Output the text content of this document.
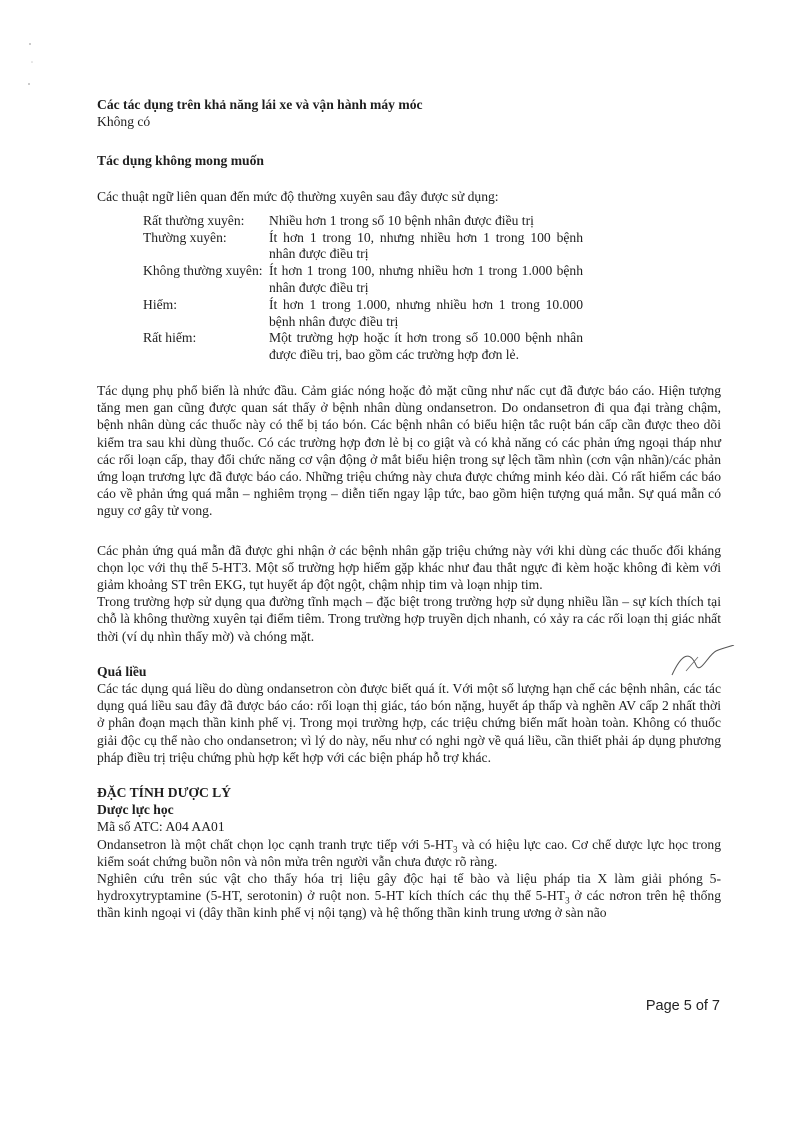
Các tác dụng trên khả năng lái xe và vận hành máy móc

Không có

Tác dụng không mong muốn

Các thuật ngữ liên quan đến mức độ thường xuyên sau đây được sử dụng:

Rất thường xuyên:	Nhiều hơn 1 trong số 10 bệnh nhân được điều trị
Thường xuyên:	Ít hơn 1 trong 10, nhưng nhiều hơn 1 trong 100 bệnh nhân được điều trị
Không thường xuyên:	Ít hơn 1 trong 100, nhưng nhiều hơn 1 trong 1.000 bệnh nhân được điều trị
Hiếm:	Ít hơn 1 trong 1.000, nhưng nhiều hơn 1 trong 10.000 bệnh nhân được điều trị
Rất hiếm:	Một trường hợp hoặc ít hơn trong số 10.000 bệnh nhân được điều trị, bao gồm các trường hợp đơn lẻ.

Tác dụng phụ phổ biến là nhức đầu. Cảm giác nóng hoặc đỏ mặt cũng như nấc cụt đã được báo cáo. Hiện tượng tăng men gan cũng được quan sát thấy ở bệnh nhân dùng ondansetron. Do ondansetron đi qua đại tràng chậm, bệnh nhân dùng các thuốc này có thể bị táo bón. Các bệnh nhân có biểu hiện tắc ruột bán cấp cần được theo dõi kiểm tra sau khi dùng thuốc. Có các trường hợp đơn lẻ bị co giật và có khả năng có các phản ứng ngoại tháp như các rối loạn cấp, thay đổi chức năng cơ vận động ở mắt biểu hiện trong sự lệch tầm nhìn (cơn vận nhãn)/các phản ứng loạn trương lực đã được báo cáo. Những triệu chứng này chưa được chứng minh kéo dài. Có rất hiếm các báo cáo về phản ứng quá mẫn – nghiêm trọng – diễn tiến ngay lập tức, bao gồm hiện tượng quá mẫn. Sự quá mẫn có nguy cơ gây tử vong.

Các phản ứng quá mẫn đã được ghi nhận ở các bệnh nhân gặp triệu chứng này với khi dùng các thuốc đối kháng chọn lọc với thụ thể 5-HT3. Một số trường hợp hiếm gặp khác như đau thắt ngực đi kèm hoặc không đi kèm với giảm khoảng ST trên EKG, tụt huyết áp đột ngột, chậm nhịp tim và loạn nhịp tim.

Trong trường hợp sử dụng qua đường tĩnh mạch – đặc biệt trong trường hợp sử dụng nhiều lần – sự kích thích tại chỗ là không thường xuyên tại điểm tiêm. Trong trường hợp truyền dịch nhanh, có xảy ra các rối loạn thị giác nhất thời (ví dụ nhìn thấy mờ) và chóng mặt.

Quá liều

Các tác dụng quá liều do dùng ondansetron còn được biết quá ít. Với một số lượng hạn chế các bệnh nhân, các tác dụng quá liều sau đây đã được báo cáo: rối loạn thị giác, táo bón nặng, huyết áp thấp và nghẽn AV cấp 2 nhất thời ở phân đoạn mạch thần kinh phế vị. Trong mọi trường hợp, các triệu chứng biến mất hoàn toàn. Không có thuốc giải độc cụ thể nào cho ondansetron; vì lý do này, nếu như có nghi ngờ về quá liều, cần thiết phải áp dụng phương pháp điều trị triệu chứng phù hợp kết hợp với các biện pháp hỗ trợ khác.

ĐẶC TÍNH DƯỢC LÝ

Dược lực học

Mã số ATC: A04 AA01

Ondansetron là một chất chọn lọc cạnh tranh trực tiếp với $5-HT_3$ và có hiệu lực cao. Cơ chế dược lực học trong kiểm soát chứng buồn nôn và nôn mửa trên người vẫn chưa được rõ ràng.

Nghiên cứu trên súc vật cho thấy hóa trị liệu gây độc hại tế bào và liệu pháp tia X làm giải phóng 5-hydroxytryptamine (5-HT, serotonin) ở ruột non. 5-HT kích thích các thụ thể $5-HT_3$ ở các nơron trên hệ thống thần kinh ngoại vi (dây thần kinh phế vị nội tạng) và hệ thống thần kinh trung ương ở sàn não

Page 5 of 7
